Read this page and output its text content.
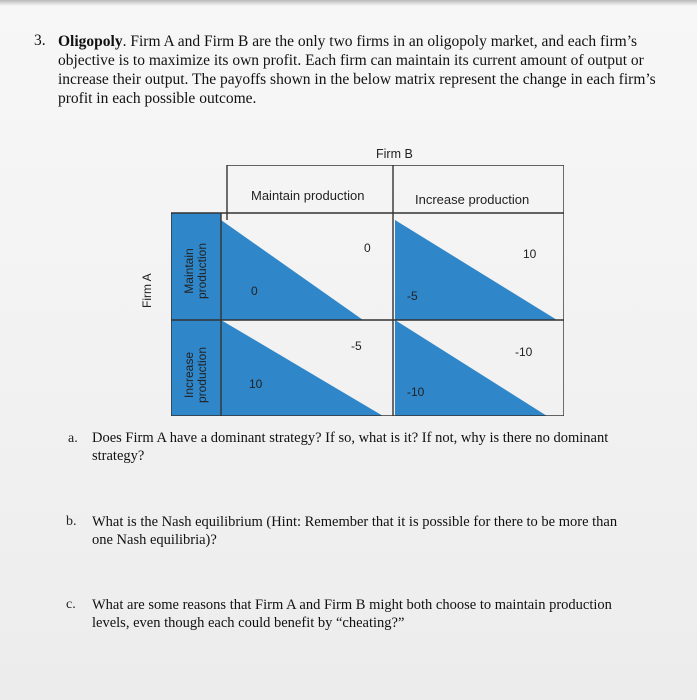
3. Oligopoly. Firm A and Firm B are the only two firms in an oligopoly market, and each firm’s
objective is to maximize its own profit. Each firm can maintain its current amount of output or
increase their output. The payoffs shown in the below matrix represent the change in each firm’s
profit in each possible outcome.
Firm B
Firm A
Maintain production	Increase production
Maintain production
Increase production
0
0
10
-5
-5
10
-10
-10
a. Does Firm A have a dominant strategy? If so, what is it? If not, why is there no dominant
strategy?
b. What is the Nash equilibrium (Hint: Remember that it is possible for there to be more than
one Nash equilibria)?
c. What are some reasons that Firm A and Firm B might both choose to maintain production
levels, even though each could benefit by “cheating?”
